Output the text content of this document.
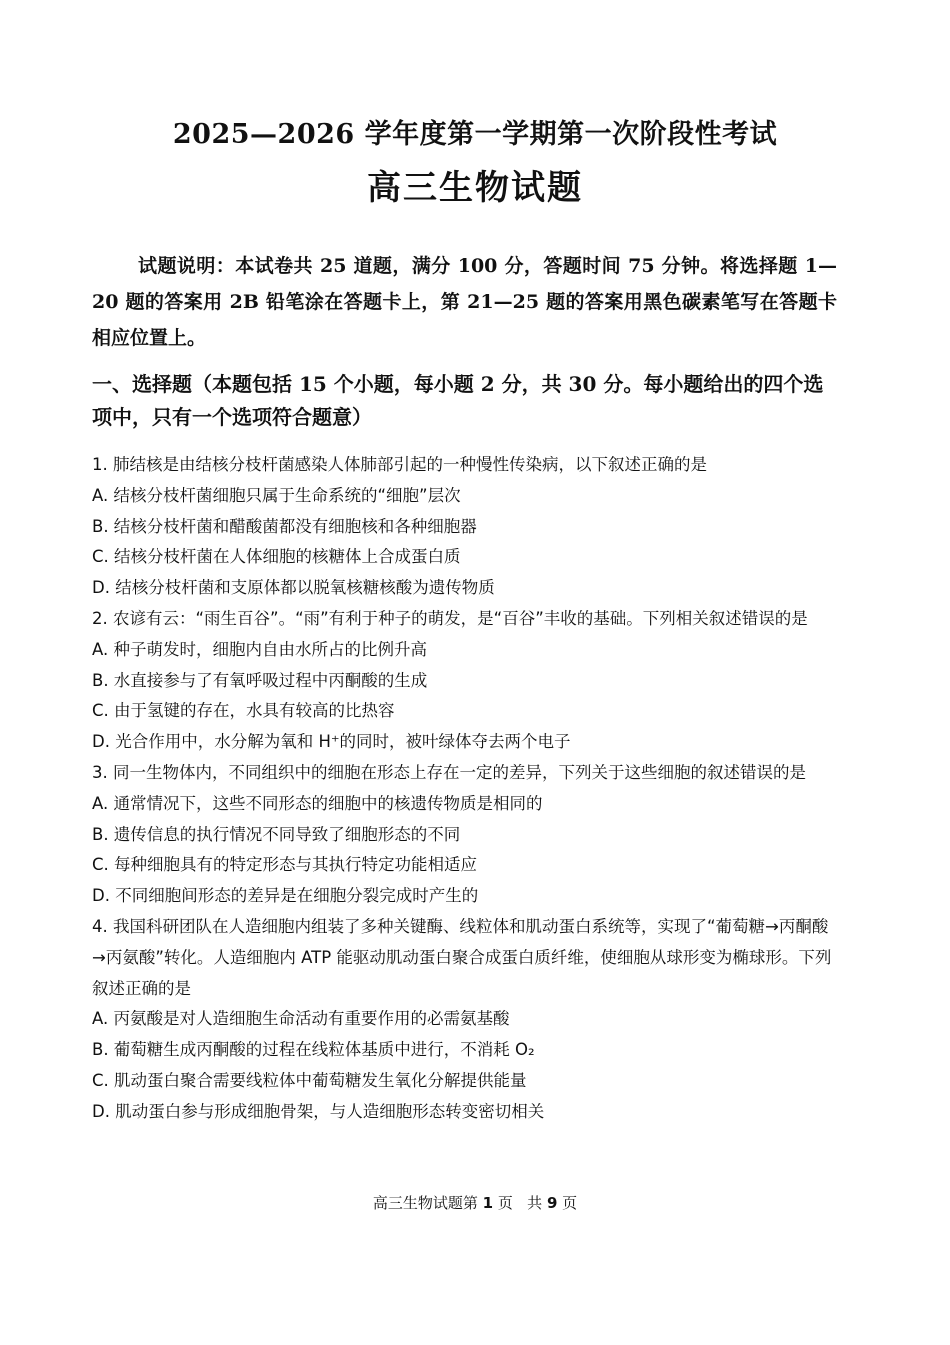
2025—2026 学年度第一学期第一次阶段性考试
高三生物试题
试题说明：本试卷共 25 道题，满分 100 分，答题时间 75 分钟。将选择题 1—20 题的答案用 2B 铅笔涂在答题卡上，第 21—25 题的答案用黑色碳素笔写在答题卡相应位置上。
一、选择题（本题包括 15 个小题，每小题 2 分，共 30 分。每小题给出的四个选项中，只有一个选项符合题意）

1. 肺结核是由结核分枝杆菌感染人体肺部引起的一种慢性传染病，以下叙述正确的是

A. 结核分枝杆菌细胞只属于生命系统的“细胞”层次

B. 结核分枝杆菌和醋酸菌都没有细胞核和各种细胞器

C. 结核分枝杆菌在人体细胞的核糖体上合成蛋白质

D. 结核分枝杆菌和支原体都以脱氧核糖核酸为遗传物质

2. 农谚有云：“雨生百谷”。“雨”有利于种子的萌发，是“百谷”丰收的基础。下列相关叙述错误的是

A. 种子萌发时，细胞内自由水所占的比例升高

B. 水直接参与了有氧呼吸过程中丙酮酸的生成

C. 由于氢键的存在，水具有较高的比热容

D. 光合作用中，水分解为氧和 H⁺的同时，被叶绿体夺去两个电子

3. 同一生物体内，不同组织中的细胞在形态上存在一定的差异，下列关于这些细胞的叙述错误的是

A. 通常情况下，这些不同形态的细胞中的核遗传物质是相同的

B. 遗传信息的执行情况不同导致了细胞形态的不同

C. 每种细胞具有的特定形态与其执行特定功能相适应

D. 不同细胞间形态的差异是在细胞分裂完成时产生的

4. 我国科研团队在人造细胞内组装了多种关键酶、线粒体和肌动蛋白系统等，实现了“葡萄糖→丙酮酸→丙氨酸”转化。人造细胞内 ATP 能驱动肌动蛋白聚合成蛋白质纤维，使细胞从球形变为椭球形。下列叙述正确的是

A. 丙氨酸是对人造细胞生命活动有重要作用的必需氨基酸

B. 葡萄糖生成丙酮酸的过程在线粒体基质中进行，不消耗 O₂

C. 肌动蛋白聚合需要线粒体中葡萄糖发生氧化分解提供能量

D. 肌动蛋白参与形成细胞骨架，与人造细胞形态转变密切相关

高三生物试题第 1 页 共 9 页
